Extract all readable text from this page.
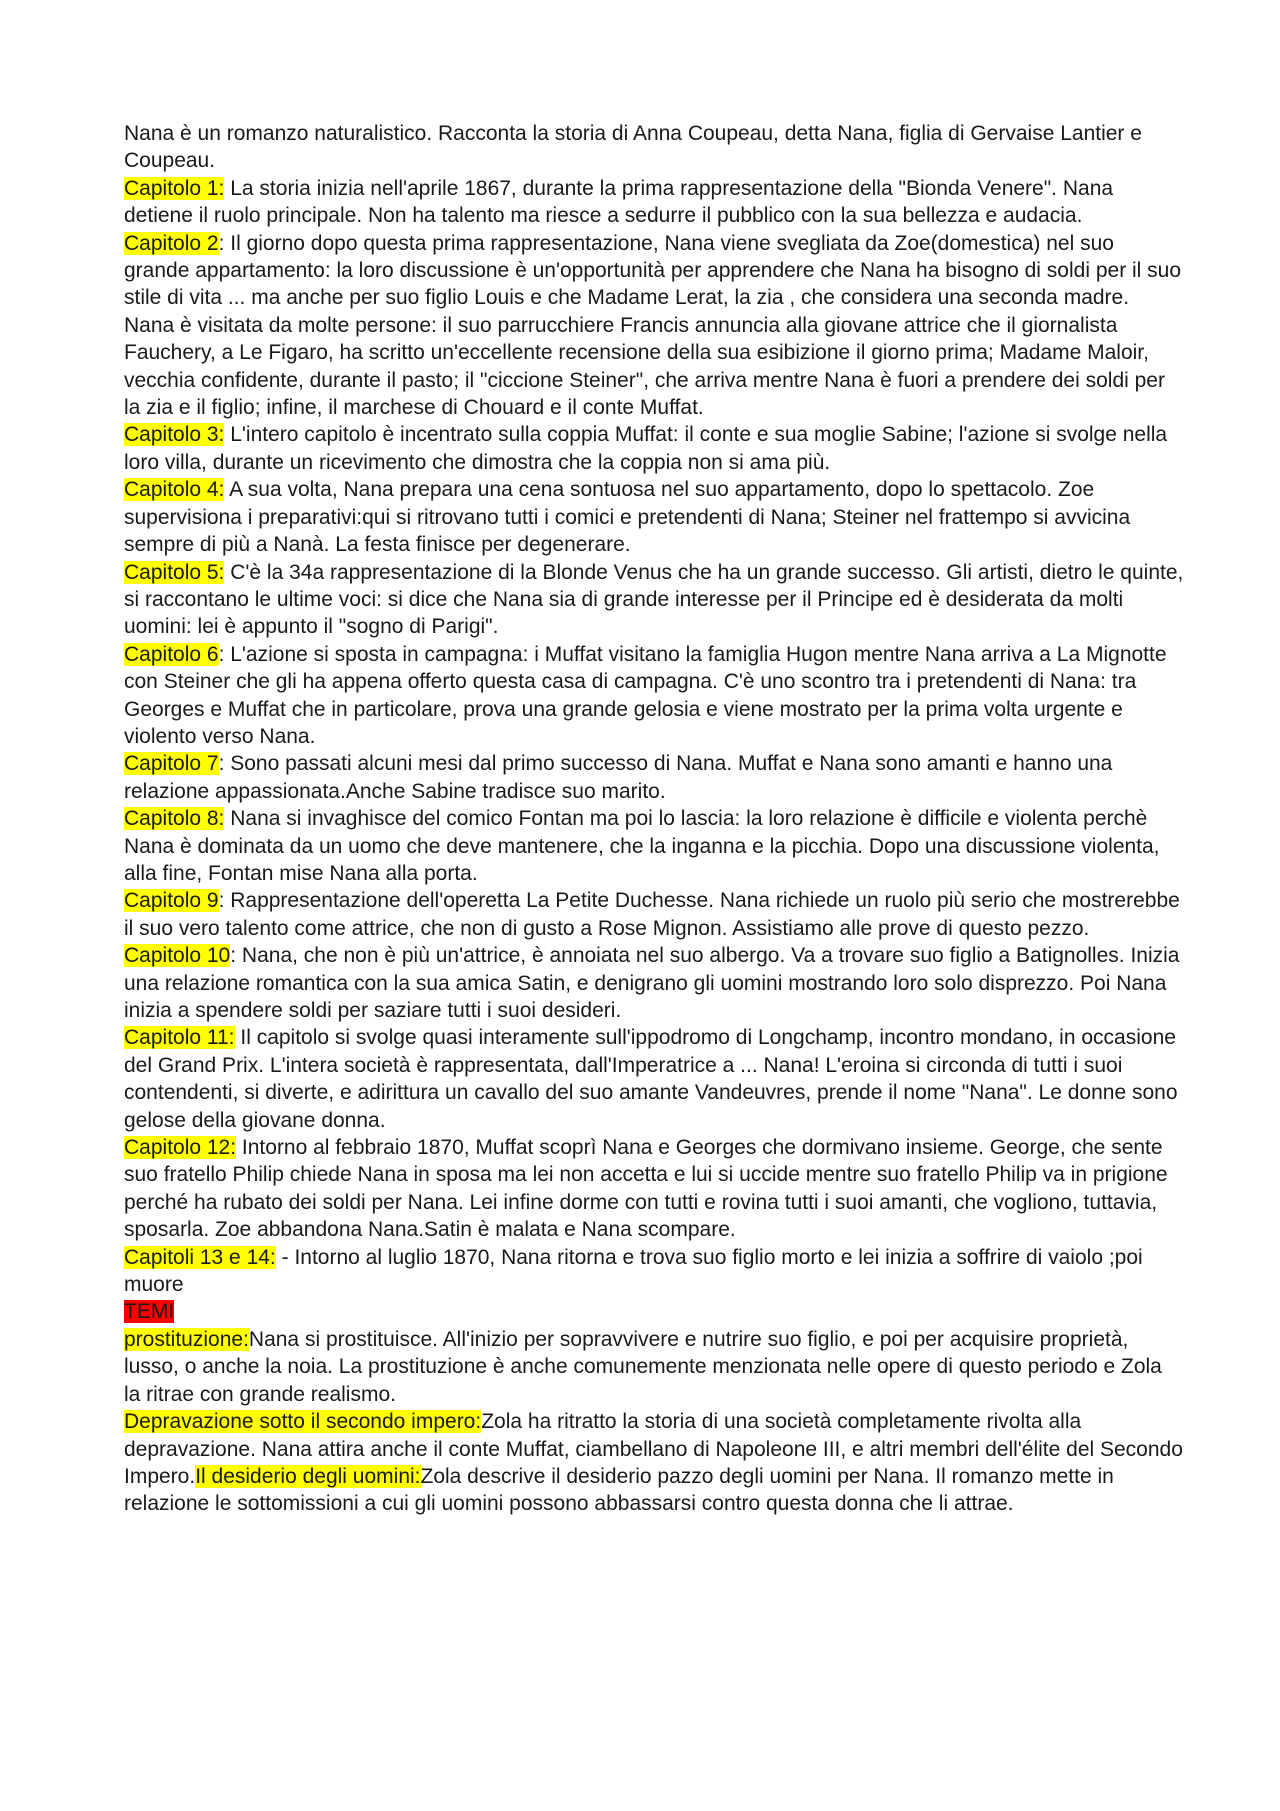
Nana è un romanzo naturalistico. Racconta la storia di Anna Coupeau, detta Nana, figlia di Gervaise Lantier e Coupeau.

Capitolo 1: La storia inizia nell'aprile 1867, durante la prima rappresentazione della "Bionda Venere". Nana detiene il ruolo principale. Non ha talento ma riesce a sedurre il pubblico con la sua bellezza e audacia.

Capitolo 2: Il giorno dopo questa prima rappresentazione, Nana viene svegliata da Zoe(domestica) nel suo grande appartamento: la loro discussione è un'opportunità per apprendere che Nana ha bisogno di soldi per il suo stile di vita ... ma anche per suo figlio Louis e che Madame Lerat, la zia , che considera una seconda madre. Nana è visitata da molte persone: il suo parrucchiere Francis annuncia alla giovane attrice che il giornalista Fauchery, a Le Figaro, ha scritto un'eccellente recensione della sua esibizione il giorno prima; Madame Maloir, vecchia confidente, durante il pasto; il "ciccione Steiner", che arriva mentre Nana è fuori a prendere dei soldi per la zia e il figlio; infine, il marchese di Chouard e il conte Muffat.

Capitolo 3: L'intero capitolo è incentrato sulla coppia Muffat: il conte e sua moglie Sabine; l'azione si svolge nella loro villa, durante un ricevimento che dimostra che la coppia non si ama più.

Capitolo 4: A sua volta, Nana prepara una cena sontuosa nel suo appartamento, dopo lo spettacolo. Zoe supervisiona i preparativi:qui si ritrovano tutti i comici e pretendenti di Nana; Steiner nel frattempo si avvicina sempre di più a Nanà. La festa finisce per degenerare.

Capitolo 5: C'è la 34a rappresentazione di la Blonde Venus che ha un grande successo. Gli artisti, dietro le quinte, si raccontano le ultime voci: si dice che Nana sia di grande interesse per il Principe ed è desiderata da molti uomini: lei è appunto il "sogno di Parigi".

Capitolo 6: L'azione si sposta in campagna: i Muffat visitano la famiglia Hugon mentre Nana arriva a La Mignotte con Steiner che gli ha appena offerto questa casa di campagna. C'è uno scontro tra i pretendenti di Nana: tra Georges e Muffat che in particolare, prova una grande gelosia e viene mostrato per la prima volta urgente e violento verso Nana.

Capitolo 7: Sono passati alcuni mesi dal primo successo di Nana. Muffat e Nana sono amanti e hanno una relazione appassionata.Anche Sabine tradisce suo marito.

Capitolo 8: Nana si invaghisce del comico Fontan ma poi lo lascia: la loro relazione è difficile e violenta perchè Nana è dominata da un uomo che deve mantenere, che la inganna e la picchia. Dopo una discussione violenta, alla fine, Fontan mise Nana alla porta.

Capitolo 9: Rappresentazione dell'operetta La Petite Duchesse. Nana richiede un ruolo più serio che mostrerebbe il suo vero talento come attrice, che non di gusto a Rose Mignon. Assistiamo alle prove di questo pezzo.

Capitolo 10: Nana, che non è più un'attrice, è annoiata nel suo albergo. Va a trovare suo figlio a Batignolles. Inizia una relazione romantica con la sua amica Satin, e denigrano gli uomini mostrando loro solo disprezzo. Poi Nana inizia a spendere soldi per saziare tutti i suoi desideri.

Capitolo 11: Il capitolo si svolge quasi interamente sull'ippodromo di Longchamp, incontro mondano, in occasione del Grand Prix. L'intera società è rappresentata, dall'Imperatrice a ... Nana! L'eroina si circonda di tutti i suoi contendenti, si diverte, e adirittura un cavallo del suo amante Vandeuvres, prende il nome "Nana". Le donne sono gelose della giovane donna.

Capitolo 12: Intorno al febbraio 1870, Muffat scoprì Nana e Georges che dormivano insieme. George, che sente suo fratello Philip chiede Nana in sposa ma lei non accetta e lui si uccide mentre suo fratello Philip va in prigione perché ha rubato dei soldi per Nana. Lei infine dorme con tutti e rovina tutti i suoi amanti, che vogliono, tuttavia, sposarla. Zoe abbandona Nana.Satin è malata e Nana scompare.

Capitoli 13 e 14: - Intorno al luglio 1870, Nana ritorna e trova suo figlio morto e lei inizia a soffrire di vaiolo ;poi muore

TEMI

prostituzione:Nana si prostituisce. All'inizio per sopravvivere e nutrire suo figlio, e poi per acquisire proprietà, lusso, o anche la noia. La prostituzione è anche comunemente menzionata nelle opere di questo periodo e Zola la ritrae con grande realismo.

Depravazione sotto il secondo impero:Zola ha ritratto la storia di una società completamente rivolta alla depravazione. Nana attira anche il conte Muffat, ciambellano di Napoleone III, e altri membri dell'élite del Secondo Impero.Il desiderio degli uomini:Zola descrive il desiderio pazzo degli uomini per Nana. Il romanzo mette in relazione le sottomissioni a cui gli uomini possono abbassarsi contro questa donna che li attrae.
